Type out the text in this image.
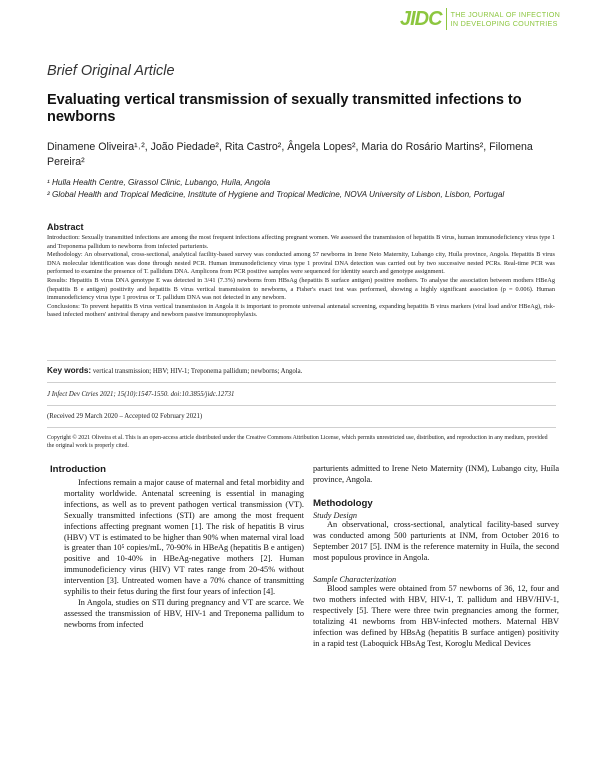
JIDC THE JOURNAL OF INFECTION
IN DEVELOPING COUNTRIES
Brief Original Article
Evaluating vertical transmission of sexually transmitted infections to newborns
Dinamene Oliveira¹˒², João Piedade², Rita Castro², Ângela Lopes², Maria do Rosário Martins², Filomena Pereira²
¹ Hulla Health Centre, Girassol Clinic, Lubango, Huíla, Angola
² Global Health and Tropical Medicine, Institute of Hygiene and Tropical Medicine, NOVA University of Lisbon, Lisbon, Portugal
Abstract

Introduction: Sexually transmitted infections are among the most frequent infections affecting pregnant women. We assessed the transmission of hepatitis B virus, human immunodeficiency virus type 1 and Treponema pallidum to newborns from infected parturients.

Methodology: An observational, cross-sectional, analytical facility-based survey was conducted among 57 newborns in Irene Neto Maternity, Lubango city, Huíla province, Angola. Hepatitis B virus DNA molecular identification was done through nested PCR. Human immunodeficiency virus type 1 proviral DNA detection was carried out by two successive nested PCRs. Real-time PCR was performed to examine the presence of T. pallidum DNA. Amplicons from PCR positive samples were sequenced for identity search and genotype assignment.

Results: Hepatitis B virus DNA genotype E was detected in 3/41 (7.3%) newborns from HBsAg (hepatitis B surface antigen) positive mothers. To analyse the association between mothers HBeAg (hepatitis B e antigen) positivity and hepatitis B virus vertical transmission to newborns, a Fisher's exact test was performed, showing a highly significant association (p = 0.006). Human immunodeficiency virus type 1 provirus or T. pallidum DNA was not detected in any newborn.

Conclusions: To prevent hepatitis B virus vertical transmission in Angola it is important to promote universal antenatal screening, expanding hepatitis B virus markers (viral load and/or HBeAg), risk-based infected mothers' antiviral therapy and newborn passive immunoprophylaxis.

Key words: vertical transmission; HBV; HIV-1; Treponema pallidum; newborns; Angola.
J Infect Dev Ctries 2021; 15(10):1547-1550. doi:10.3855/jidc.12731
(Received 29 March 2020 – Accepted 02 February 2021)
Copyright © 2021 Oliveira et al. This is an open-access article distributed under the Creative Commons Attribution License, which permits unrestricted use, distribution, and reproduction in any medium, provided the original work is properly cited.
Introduction

Infections remain a major cause of maternal and fetal morbidity and mortality worldwide. Antenatal screening is essential in managing infections, as well as to prevent pathogen vertical transmission (VT). Sexually transmitted infections (STI) are among the most frequent infections affecting pregnant women [1]. The risk of hepatitis B virus (HBV) VT is estimated to be higher than 90% when maternal viral load is greater than 10⁵ copies/mL, 70-90% in HBeAg (hepatitis B e antigen) positive and 10-40% in HBeAg-negative mothers [2]. Human immunodeficiency virus (HIV) VT rates range from 20-45% without intervention [3]. Untreated women have a 70% chance of transmitting syphilis to their fetus during the first four years of infection [4].

In Angola, studies on STI during pregnancy and VT are scarce. We assessed the transmission of HBV, HIV-1 and Treponema pallidum to newborns from infected

parturients admitted to Irene Neto Maternity (INM), Lubango city, Huíla province, Angola.

Methodology
Study Design

An observational, cross-sectional, analytical facility-based survey was conducted among 500 parturients at INM, from October 2016 to September 2017 [5]. INM is the reference maternity in Huíla, the second most populous province in Angola.

Sample Characterization

Blood samples were obtained from 57 newborns of 36, 12, four and two mothers infected with HBV, HIV-1, T. pallidum and HBV/HIV-1, respectively [5]. There were three twin pregnancies among the former, totalizing 41 newborns from HBV-infected mothers. Maternal HBV infection was defined by HBsAg (hepatitis B surface antigen) positivity in a rapid test (Laboquick HBsAg Test, Koroglu Medical Devices
